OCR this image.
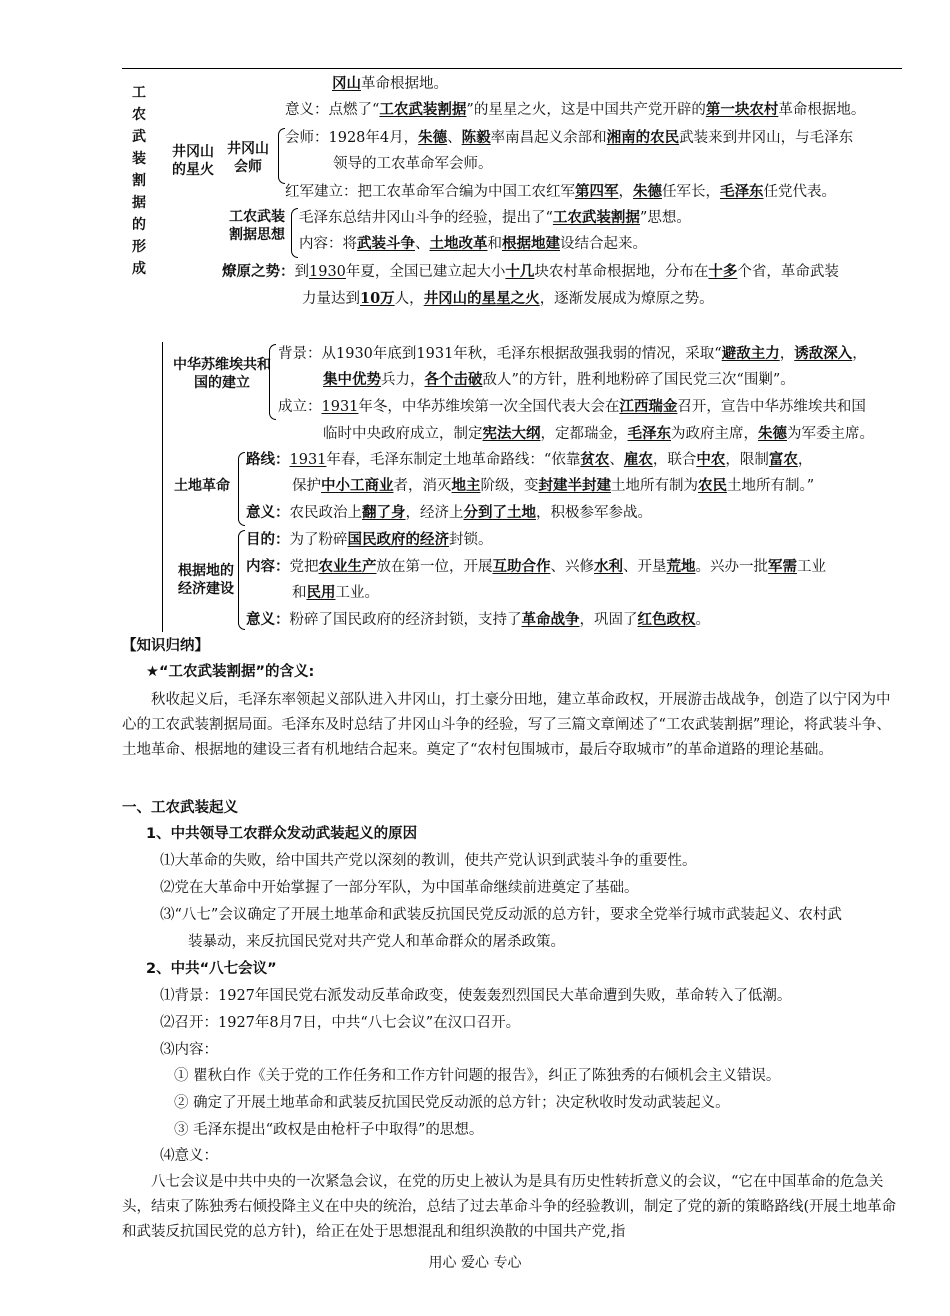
工农武装割据的形成
井冈山的星火
井冈山会师
冈山革命根据地。
意义：点燃了“工农武装割据”的星星之火，这是中国共产党开辟的第一块农村革命根据地。
会师：1928年4月，朱德、陈毅率南昌起义余部和湘南的农民武装来到井冈山，与毛泽东
领导的工农革命军会师。
红军建立：把工农革命军合编为中国工农红军第四军，朱德任军长，毛泽东任党代表。
工农武装割据思想
毛泽东总结井冈山斗争的经验，提出了“工农武装割据”思想。
内容：将武装斗争、土地改革和根据地建设结合起来。
燎原之势：到1930年夏，全国已建立起大小十几块农村革命根据地，分布在十多个省，革命武装
力量达到10万人，井冈山的星星之火，逐渐发展成为燎原之势。
中华苏维埃共和国的建立
背景：从1930年底到1931年秋，毛泽东根据敌强我弱的情况，采取“避敌主力，诱敌深入，
集中优势兵力，各个击破敌人”的方针，胜利地粉碎了国民党三次“围剿”。
成立：1931年冬，中华苏维埃第一次全国代表大会在江西瑞金召开，宣告中华苏维埃共和国
临时中央政府成立，制定宪法大纲，定都瑞金，毛泽东为政府主席，朱德为军委主席。
土地革命
路线：1931年春，毛泽东制定土地革命路线：“依靠贫农、雇农，联合中农，限制富农，
保护中小工商业者，消灭地主阶级，变封建半封建土地所有制为农民土地所有制。”
意义：农民政治上翻了身，经济上分到了土地，积极参军参战。
根据地的经济建设
目的：为了粉碎国民政府的经济封锁。
内容：党把农业生产放在第一位，开展互助合作、兴修水利、开垦荒地。兴办一批军需工业
和民用工业。
意义：粉碎了国民政府的经济封锁，支持了革命战争，巩固了红色政权。
【知识归纳】
★“工农武装割据”的含义:
秋收起义后，毛泽东率领起义部队进入井冈山，打土豪分田地，建立革命政权，开展游击战战争，创造了以宁冈为中心的工农武装割据局面。毛泽东及时总结了井冈山斗争的经验，写了三篇文章阐述了“工农武装割据”理论，将武装斗争、土地革命、根据地的建设三者有机地结合起来。奠定了“农村包围城市，最后夺取城市”的革命道路的理论基础。
一、工农武装起义
1、中共领导工农群众发动武装起义的原因
⑴大革命的失败，给中国共产党以深刻的教训，使共产党认识到武装斗争的重要性。
⑵党在大革命中开始掌握了一部分军队，为中国革命继续前进奠定了基础。
⑶“八七”会议确定了开展土地革命和武装反抗国民党反动派的总方针，要求全党举行城市武装起义、农村武
装暴动，来反抗国民党对共产党人和革命群众的屠杀政策。
2、中共“八七会议”
⑴背景：1927年国民党右派发动反革命政变，使轰轰烈烈国民大革命遭到失败，革命转入了低潮。
⑵召开：1927年8月7日，中共“八七会议”在汉口召开。
⑶内容：
① 瞿秋白作《关于党的工作任务和工作方针问题的报告》，纠正了陈独秀的右倾机会主义错误。
② 确定了开展土地革命和武装反抗国民党反动派的总方针；决定秋收时发动武装起义。
③ 毛泽东提出“政权是由枪杆子中取得”的思想。
⑷意义：
八七会议是中共中央的一次紧急会议，在党的历史上被认为是具有历史性转折意义的会议，“它在中国革命的危急关头，结束了陈独秀右倾投降主义在中央的统治，总结了过去革命斗争的经验教训，制定了党的新的策略路线(开展土地革命和武装反抗国民党的总方针)，给正在处于思想混乱和组织涣散的中国共产党,指
用心 爱心 专心
